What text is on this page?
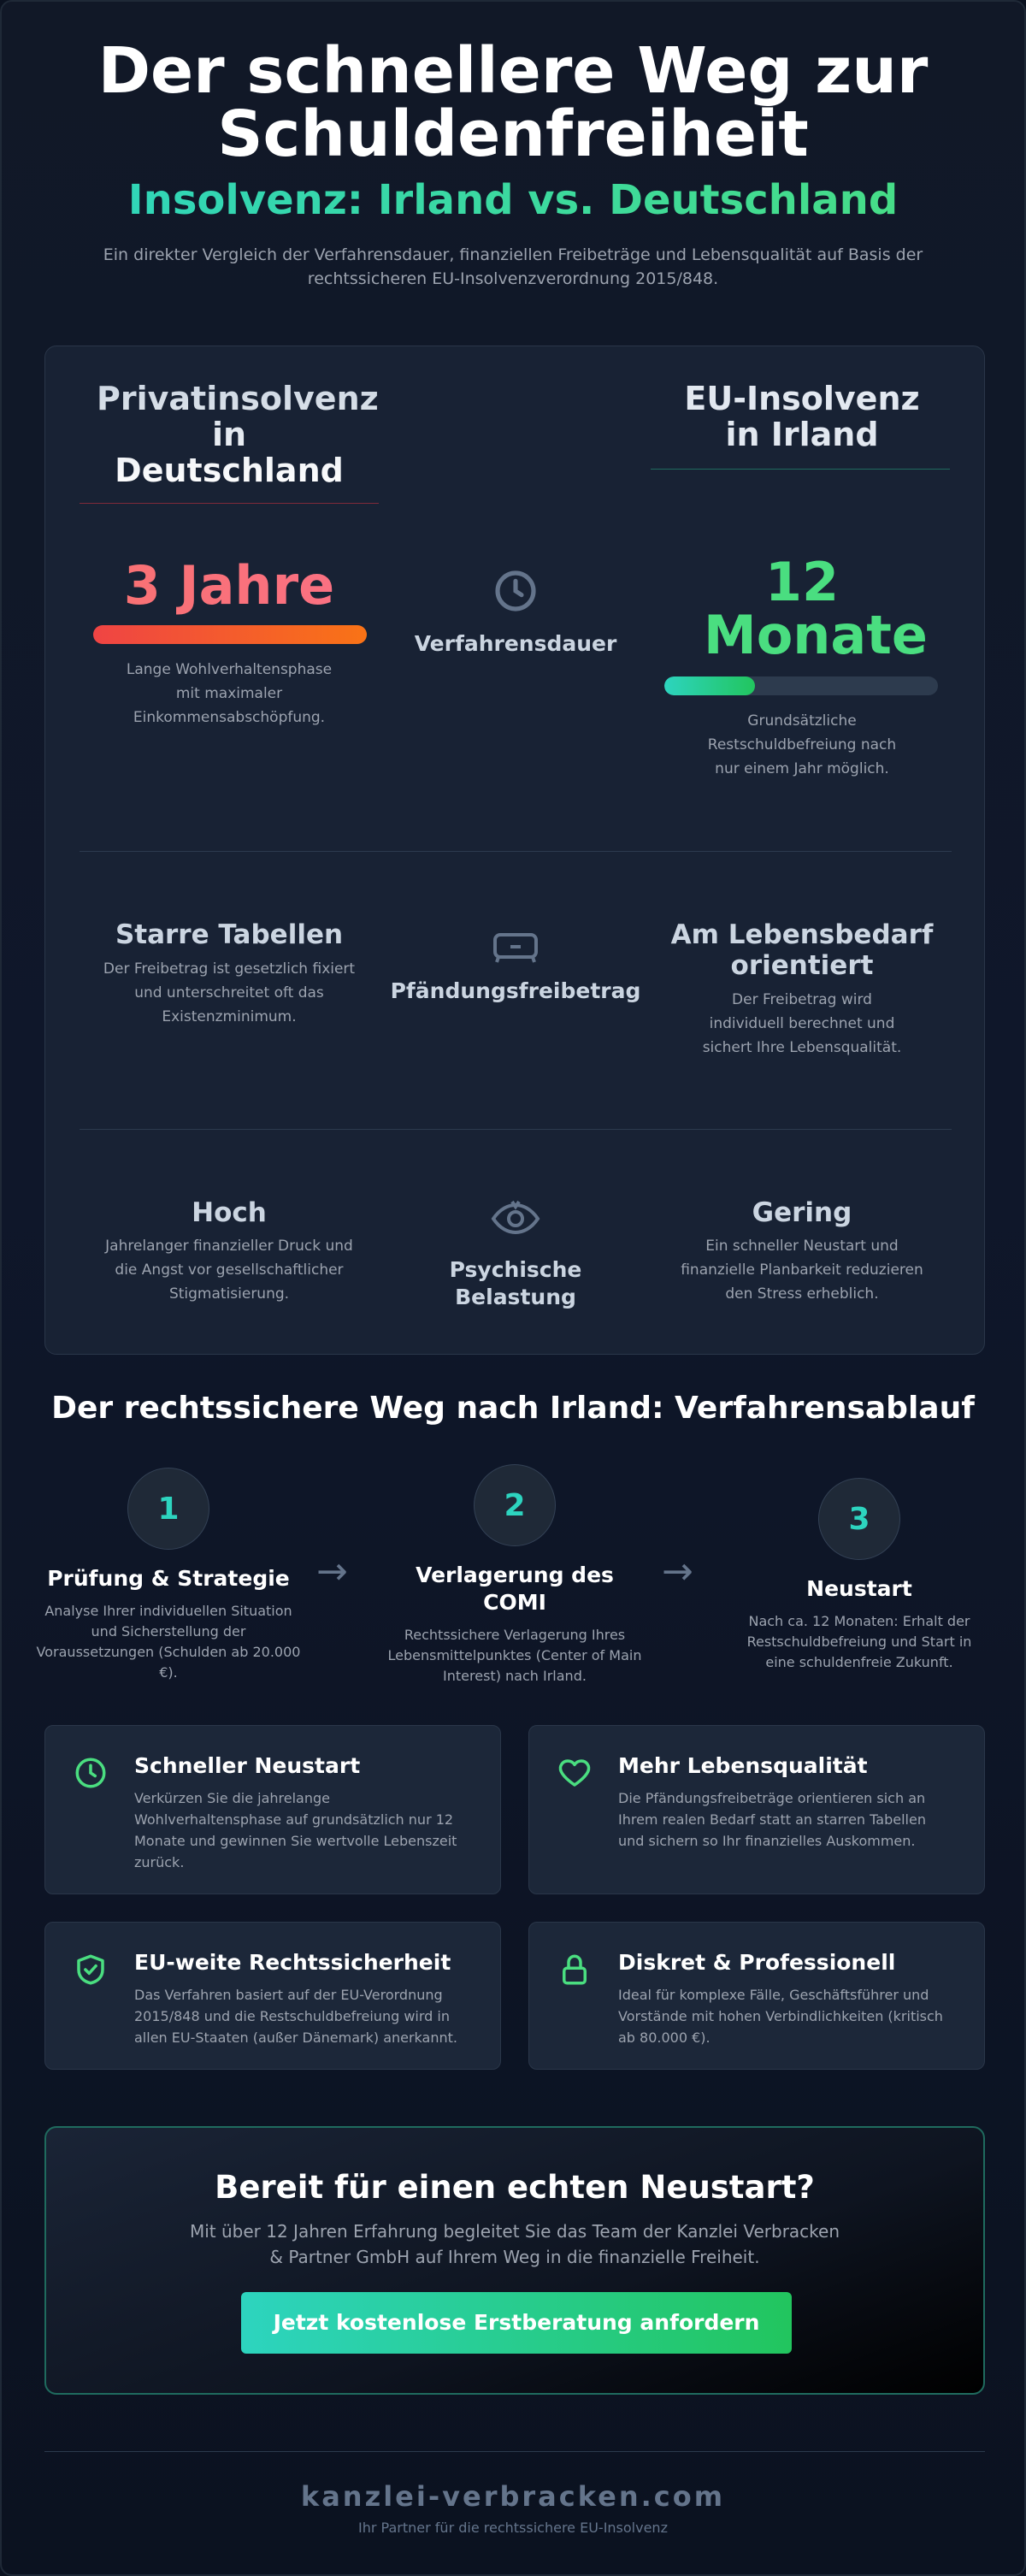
Der schnellere Weg zur Schuldenfreiheit
Insolvenz: Irland vs. Deutschland

Ein direkter Vergleich der Verfahrensdauer, finanziellen Freibeträge und Lebensqualität auf Basis der rechtssicheren EU-Insolvenzverordnung 2015/848.

Privatinsolvenz in Deutschland
EU-Insolvenz in Irland
3 Jahre
Lange Wohlverhaltensphase mit maximaler Einkommensabschöpfung.
Verfahrensdauer
12 Monate
Grundsätzliche Restschuldbefreiung nach nur einem Jahr möglich.
Starre Tabellen
Der Freibetrag ist gesetzlich fixiert und unterschreitet oft das Existenzminimum.
Pfändungsfreibetrag
Am Lebensbedarf orientiert
Der Freibetrag wird individuell berechnet und sichert Ihre Lebensqualität.
Hoch
Jahrelanger finanzieller Druck und die Angst vor gesellschaftlicher Stigmatisierung.
Psychische Belastung
Gering
Ein schneller Neustart und finanzielle Planbarkeit reduzieren den Stress erheblich.
Der rechtssichere Weg nach Irland: Verfahrensablauf
1
Prüfung & Strategie
Analyse Ihrer individuellen Situation und Sicherstellung der Voraussetzungen (Schulden ab 20.000 €).
→
2
Verlagerung des COMI
Rechtssichere Verlagerung Ihres Lebensmittelpunktes (Center of Main Interest) nach Irland.
→
3
Neustart
Nach ca. 12 Monaten: Erhalt der Restschuldbefreiung und Start in eine schuldenfreie Zukunft.
Schneller Neustart
Verkürzen Sie die jahrelange Wohlverhaltensphase auf grundsätzlich nur 12 Monate und gewinnen Sie wertvolle Lebenszeit zurück.
Mehr Lebensqualität
Die Pfändungsfreibeträge orientieren sich an Ihrem realen Bedarf statt an starren Tabellen und sichern so Ihr finanzielles Auskommen.
EU-weite Rechtssicherheit
Das Verfahren basiert auf der EU-Verordnung 2015/848 und die Restschuldbefreiung wird in allen EU-Staaten (außer Dänemark) anerkannt.
Diskret & Professionell
Ideal für komplexe Fälle, Geschäftsführer und Vorstände mit hohen Verbindlichkeiten (kritisch ab 80.000 €).
Bereit für einen echten Neustart?
Mit über 12 Jahren Erfahrung begleitet Sie das Team der Kanzlei Verbracken & Partner GmbH auf Ihrem Weg in die finanzielle Freiheit.
Jetzt kostenlose Erstberatung anfordern
kanzlei-verbracken.com
Ihr Partner für die rechtssichere EU-Insolvenz
